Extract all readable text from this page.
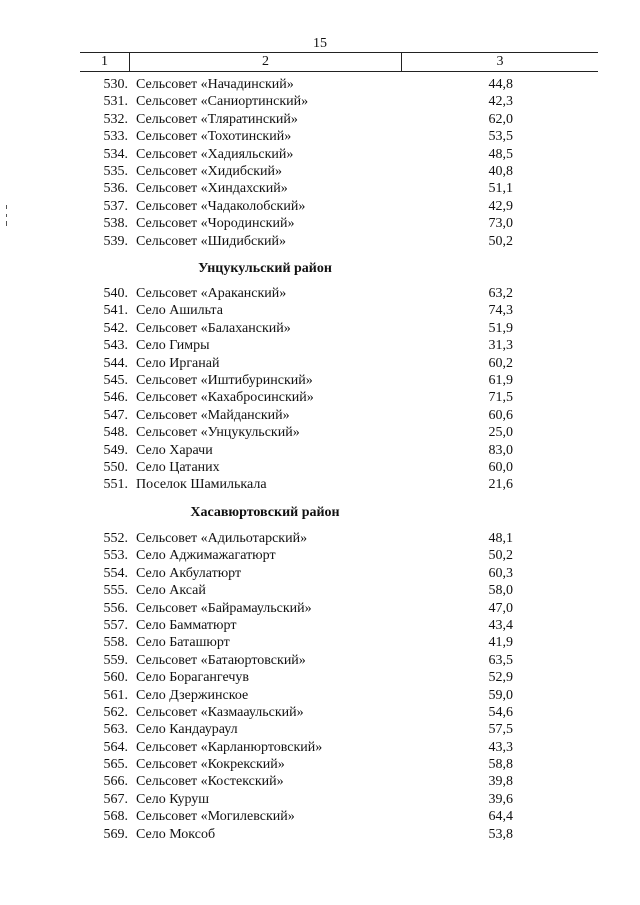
15
1	2	3
530. Сельсовет «Начадинский»	44,8
531. Сельсовет «Саниортинский»	42,3
532. Сельсовет «Тляратинский»	62,0
533. Сельсовет «Тохотинский»	53,5
534. Сельсовет «Хадияльский»	48,5
535. Сельсовет «Хидибский»	40,8
536. Сельсовет «Хиндахский»	51,1
537. Сельсовет «Чадаколобский»	42,9
538. Сельсовет «Чородинский»	73,0
539. Сельсовет «Шидибский»	50,2
Унцукульский район
540. Сельсовет «Араканский»	63,2
541. Село Ашильта	74,3
542. Сельсовет «Балаханский»	51,9
543. Село Гимры	31,3
544. Село Ирганай	60,2
545. Сельсовет «Иштибуринский»	61,9
546. Сельсовет «Кахабросинский»	71,5
547. Сельсовет «Майданский»	60,6
548. Сельсовет «Унцукульский»	25,0
549. Село Харачи	83,0
550. Село Цатаних	60,0
551. Поселок Шамилькала	21,6
Хасавюртовский район
552. Сельсовет «Адильотарский»	48,1
553. Село Аджимажагатюрт	50,2
554. Село Акбулатюрт	60,3
555. Село Аксай	58,0
556. Сельсовет «Байрамаульский»	47,0
557. Село Бамматюрт	43,4
558. Село Баташюрт	41,9
559. Сельсовет «Батаюртовский»	63,5
560. Село Борагангечув	52,9
561. Село Дзержинское	59,0
562. Сельсовет «Казмааульский»	54,6
563. Село Кандаураул	57,5
564. Сельсовет «Карланюртовский»	43,3
565. Сельсовет «Кокрекский»	58,8
566. Сельсовет «Костекский»	39,8
567. Село Куруш	39,6
568. Сельсовет «Могилевский»	64,4
569. Село Моксоб	53,8
